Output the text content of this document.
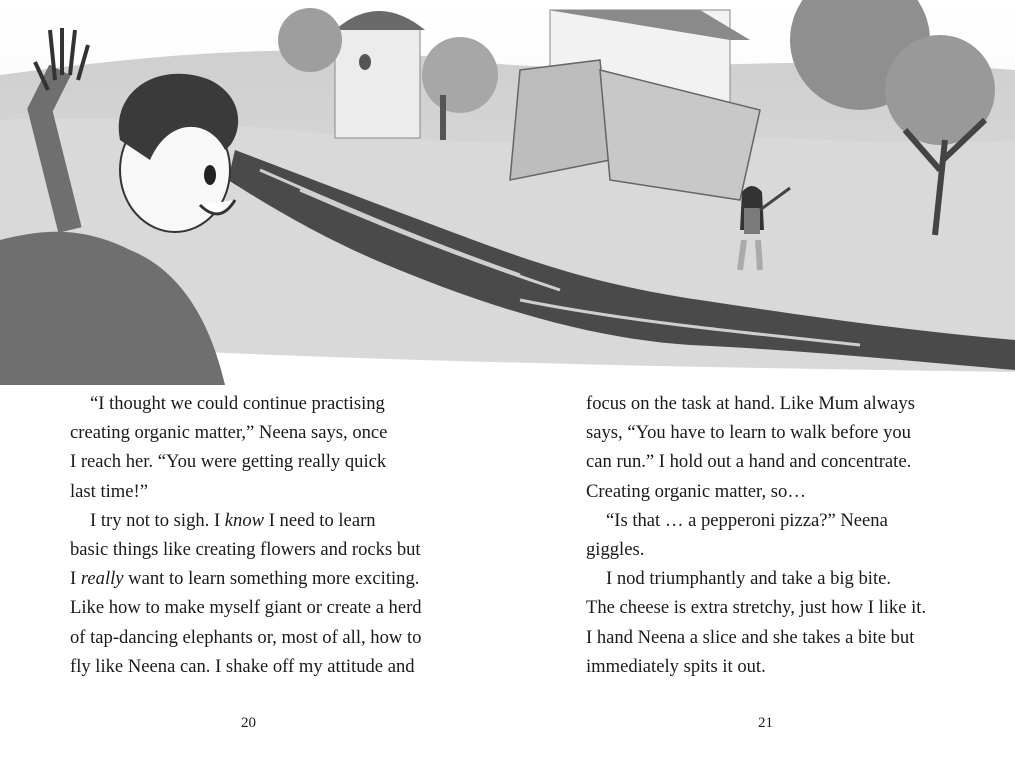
“I thought we could continue practising

creating organic matter,” Neena says, once

I reach her. “You were getting really quick

last time!”

I try not to sigh. I know I need to learn

basic things like creating flowers and rocks but

I really want to learn something more exciting.

Like how to make myself giant or create a herd

of tap-dancing elephants or, most of all, how to

fly like Neena can. I shake off my attitude and

20

focus on the task at hand. Like Mum always

says, “You have to learn to walk before you

can run.” I hold out a hand and concentrate.

Creating organic matter, so…

“Is that … a pepperoni pizza?” Neena

giggles.

I nod triumphantly and take a big bite.

The cheese is extra stretchy, just how I like it.

I hand Neena a slice and she takes a bite but

immediately spits it out.

21
